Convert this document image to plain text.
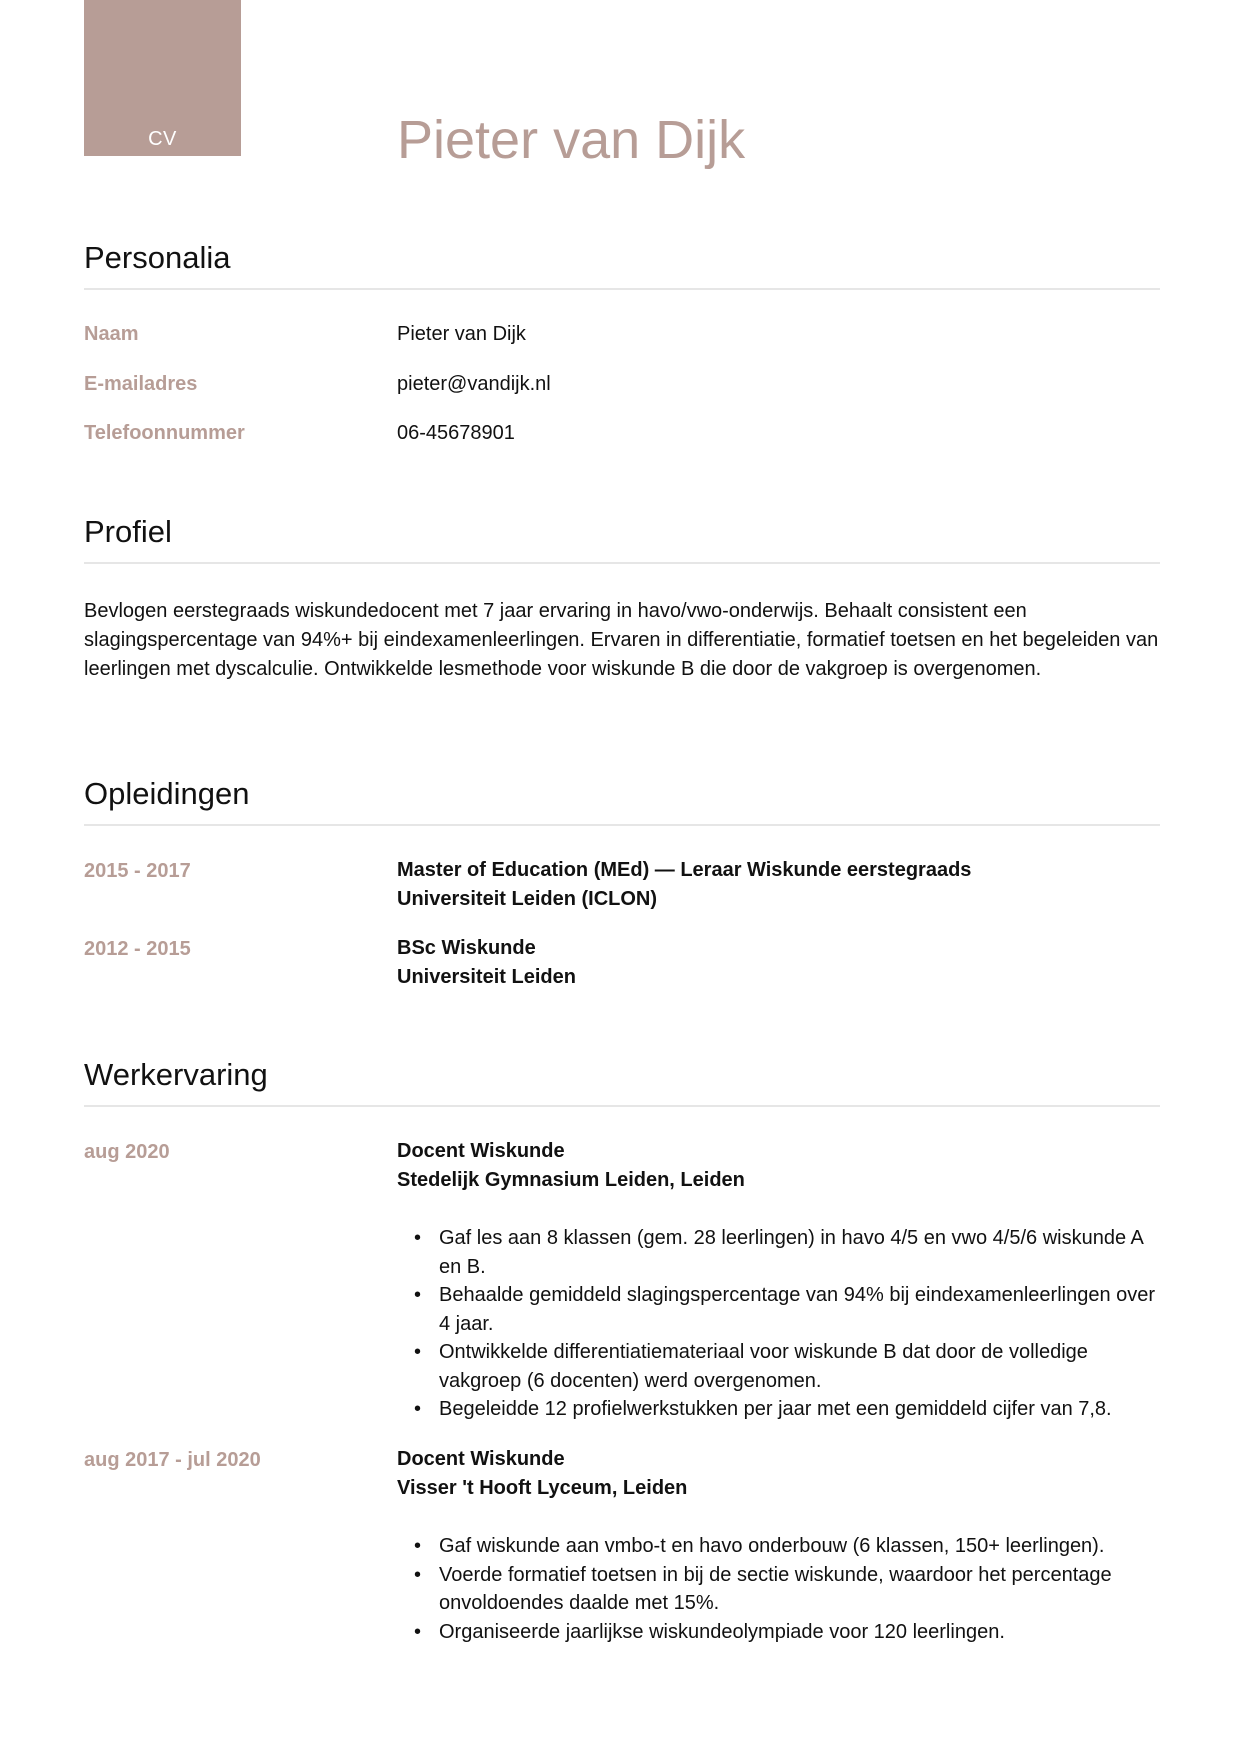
CV	Pieter van Dijk
Personalia
Naam	Pieter van Dijk
E-mailadres	pieter@vandijk.nl
Telefoonnummer	06-45678901
Profiel

Bevlogen eerstegraads wiskundedocent met 7 jaar ervaring in havo/vwo-onderwijs. Behaalt consistent een slagingspercentage van 94%+ bij eindexamenleerlingen. Ervaren in differentiatie, formatief toetsen en het begeleiden van leerlingen met dyscalculie. Ontwikkelde lesmethode voor wiskunde B die door de vakgroep is overgenomen.

Opleidingen
2015 - 2017	Master of Education (MEd) — Leraar Wiskunde eerstegraads

Universiteit Leiden (ICLON)

2012 - 2015	BSc Wiskunde

Universiteit Leiden

Werkervaring
aug 2020	Docent Wiskunde

Stedelijk Gymnasium Leiden, Leiden

• Gaf les aan 8 klassen (gem. 28 leerlingen) in havo 4/5 en vwo 4/5/6 wiskunde A en B.
• Behaalde gemiddeld slagingspercentage van 94% bij eindexamenleerlingen over 4 jaar.
• Ontwikkelde differentiatiemateriaal voor wiskunde B dat door de volledige vakgroep (6 docenten) werd overgenomen.
• Begeleidde 12 profielwerkstukken per jaar met een gemiddeld cijfer van 7,8.
aug 2017 - jul 2020	Docent Wiskunde

Visser 't Hooft Lyceum, Leiden

• Gaf wiskunde aan vmbo-t en havo onderbouw (6 klassen, 150+ leerlingen).
• Voerde formatief toetsen in bij de sectie wiskunde, waardoor het percentage onvoldoendes daalde met 15%.
• Organiseerde jaarlijkse wiskundeolympiade voor 120 leerlingen.
